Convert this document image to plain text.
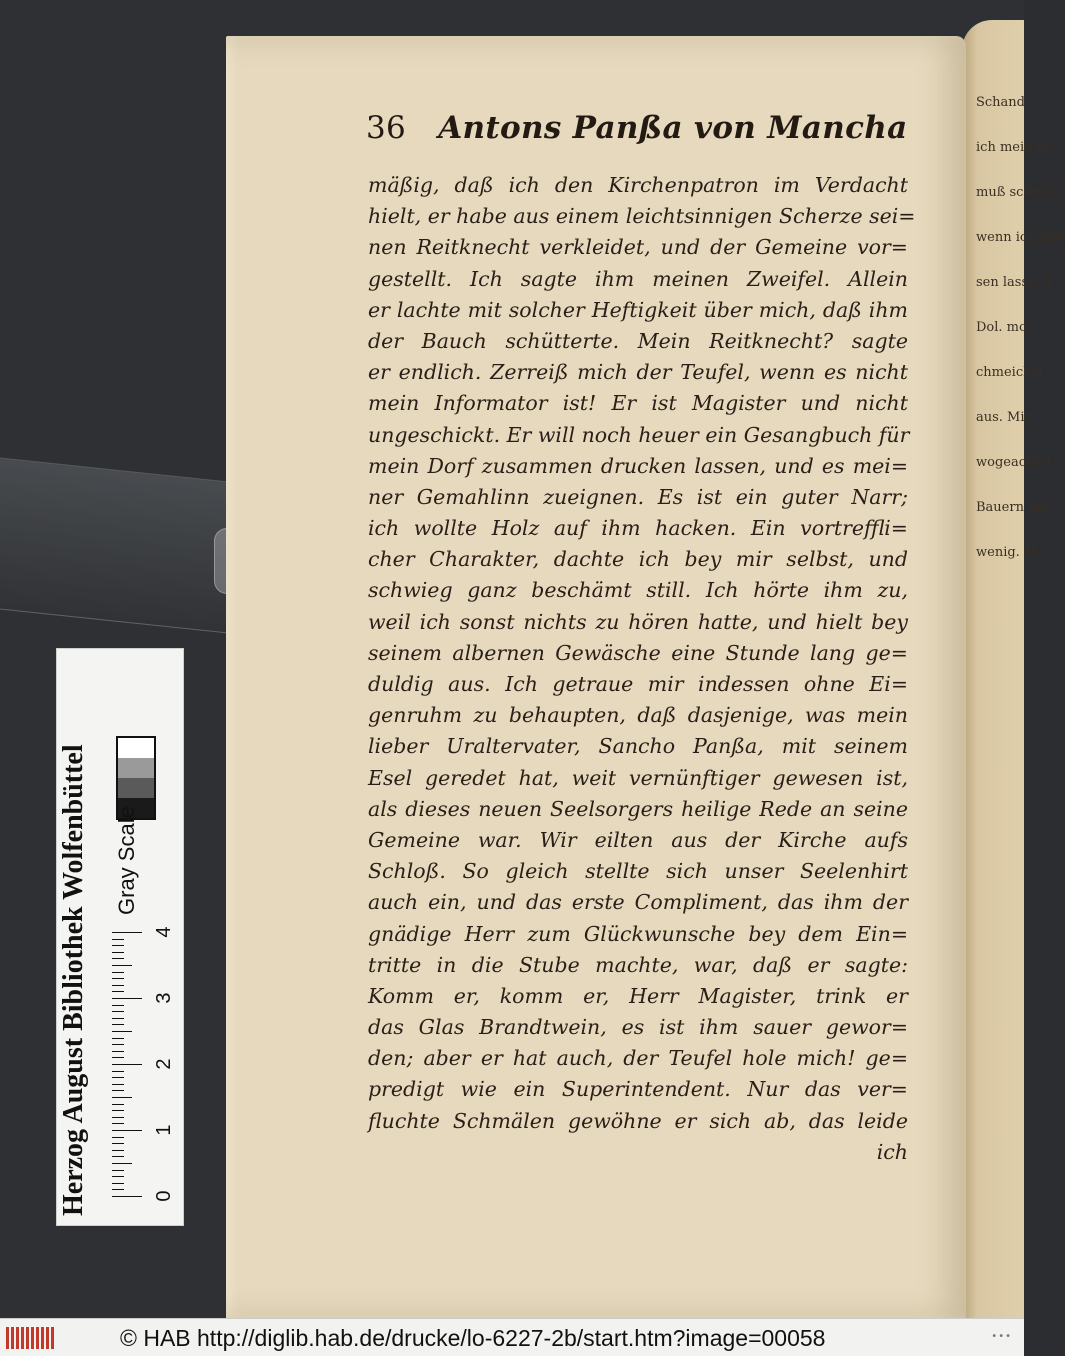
Schand
ich mein Sc
muß schmält
wenn ich ihm
sen lasse, d
Dol. mot
chmeichel
aus. Mir
wogeachtet
Bauern als
wenig. M
36 Antons Panßa von Mancha
mäßig, daß ich den Kirchenpatron im Verdacht
hielt, er habe aus einem leichtsinnigen Scherze sei=
nen Reitknecht verkleidet, und der Gemeine vor=
gestellt. Ich sagte ihm meinen Zweifel. Allein
er lachte mit solcher Heftigkeit über mich, daß ihm
der Bauch schütterte. Mein Reitknecht? sagte
er endlich. Zerreiß mich der Teufel, wenn es nicht
mein Informator ist! Er ist Magister und nicht
ungeschickt. Er will noch heuer ein Gesangbuch für
mein Dorf zusammen drucken lassen, und es mei=
ner Gemahlinn zueignen. Es ist ein guter Narr;
ich wollte Holz auf ihm hacken. Ein vortreffli=
cher Charakter, dachte ich bey mir selbst, und
schwieg ganz beschämt still. Ich hörte ihm zu,
weil ich sonst nichts zu hören hatte, und hielt bey
seinem albernen Gewäsche eine Stunde lang ge=
duldig aus. Ich getraue mir indessen ohne Ei=
genruhm zu behaupten, daß dasjenige, was mein
lieber Uraltervater, Sancho Panßa, mit seinem
Esel geredet hat, weit vernünftiger gewesen ist,
als dieses neuen Seelsorgers heilige Rede an seine
Gemeine war. Wir eilten aus der Kirche aufs
Schloß. So gleich stellte sich unser Seelenhirt
auch ein, und das erste Compliment, das ihm der
gnädige Herr zum Glückwunsche bey dem Ein=
tritte in die Stube machte, war, daß er sagte:
Komm er, komm er, Herr Magister, trink er
das Glas Brandtwein, es ist ihm sauer gewor=
den; aber er hat auch, der Teufel hole mich! ge=
predigt wie ein Superintendent. Nur das ver=
fluchte Schmälen gewöhne er sich ab, das leide
ich
Herzog August Bibliothek Wolfenbüttel Gray Scale
0
1
2
3
4
© HAB http://diglib.hab.de/drucke/lo-6227-2b/start.htm?image=00058	•••
